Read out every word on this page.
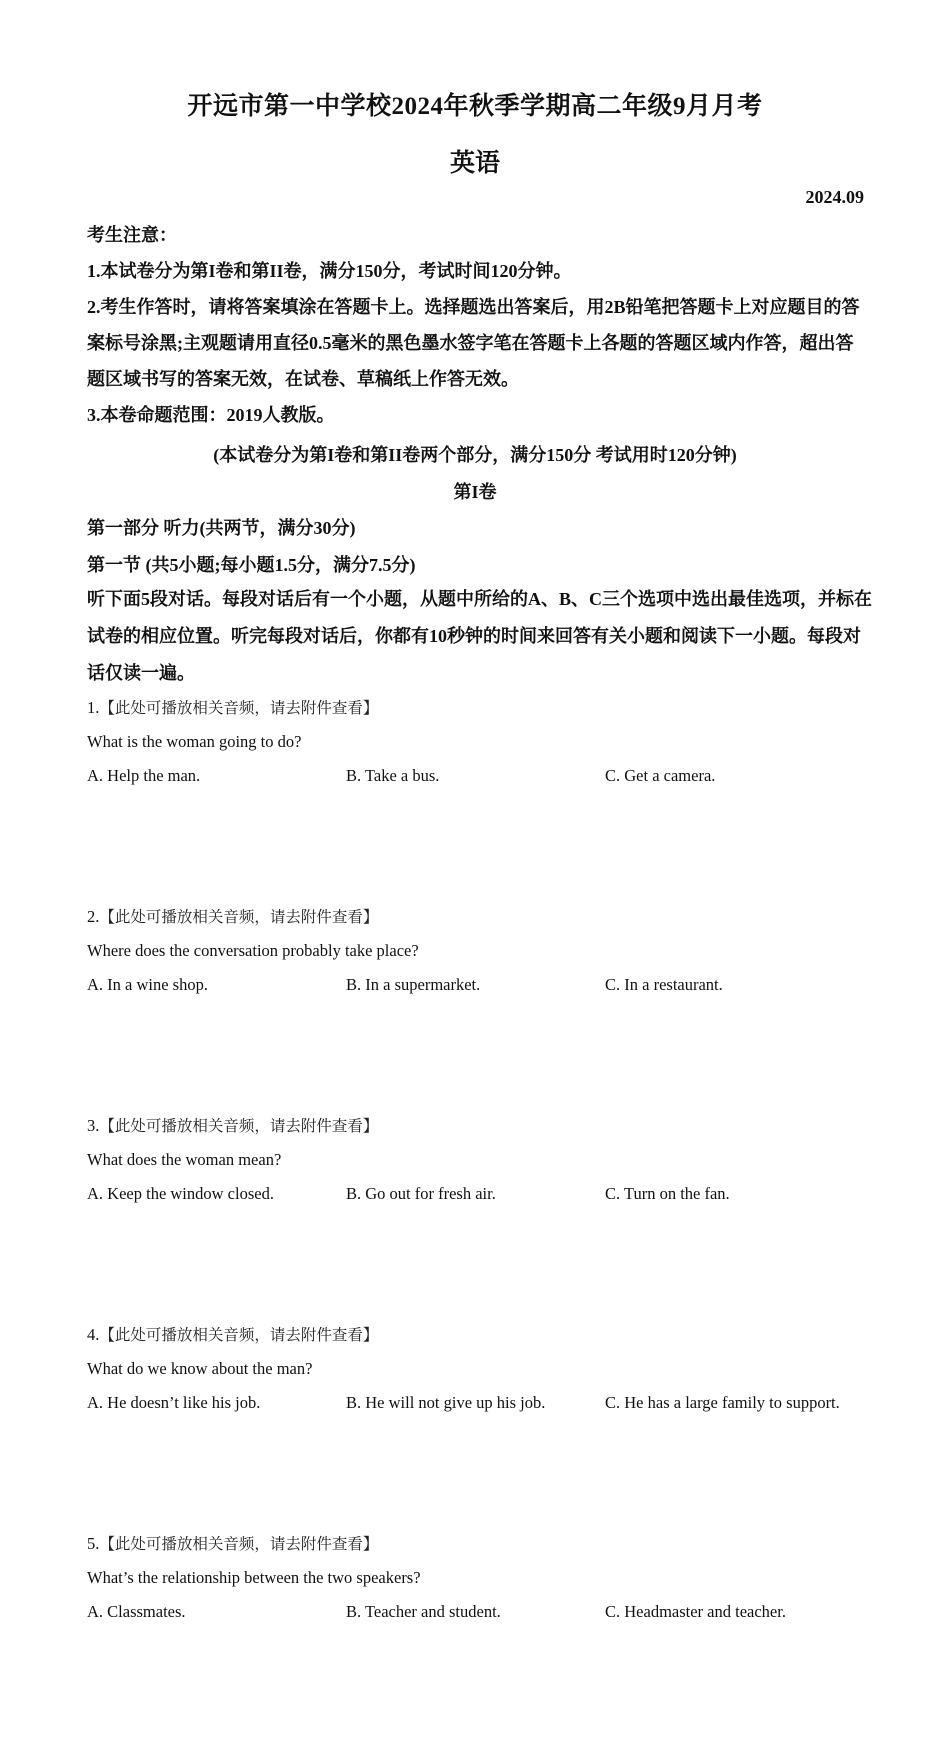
开远市第一中学校2024年秋季学期高二年级9月月考
英语
2024.09
考生注意：
1.本试卷分为第I卷和第II卷，满分150分，考试时间120分钟。
2.考生作答时，请将答案填涂在答题卡上。选择题选出答案后，用2B铅笔把答题卡上对应题目的答案标号涂黑;主观题请用直径0.5毫米的黑色墨水签字笔在答题卡上各题的答题区域内作答，超出答题区域书写的答案无效，在试卷、草稿纸上作答无效。
3.本卷命题范围：2019人教版。
(本试卷分为第I卷和第II卷两个部分，满分150分 考试用时120分钟)
第I卷
第一部分 听力(共两节，满分30分)
第一节 (共5小题;每小题1.5分，满分7.5分)
听下面5段对话。每段对话后有一个小题，从题中所给的A、B、C三个选项中选出最佳选项，并标在试卷的相应位置。听完每段对话后，你都有10秒钟的时间来回答有关小题和阅读下一小题。每段对话仅读一遍。
1.【此处可播放相关音频，请去附件查看】
What is the woman going to do?
A. Help the man.	B. Take a bus.	C. Get a camera.
2.【此处可播放相关音频，请去附件查看】
Where does the conversation probably take place?
A. In a wine shop.	B. In a supermarket.	C. In a restaurant.
3.【此处可播放相关音频，请去附件查看】
What does the woman mean?
A. Keep the window closed.	B. Go out for fresh air.	C. Turn on the fan.
4.【此处可播放相关音频，请去附件查看】
What do we know about the man?
A. He doesn’t like his job.	B. He will not give up his job.	C. He has a large family to support.
5.【此处可播放相关音频，请去附件查看】
What’s the relationship between the two speakers?
A. Classmates.	B. Teacher and student.	C. Headmaster and teacher.
